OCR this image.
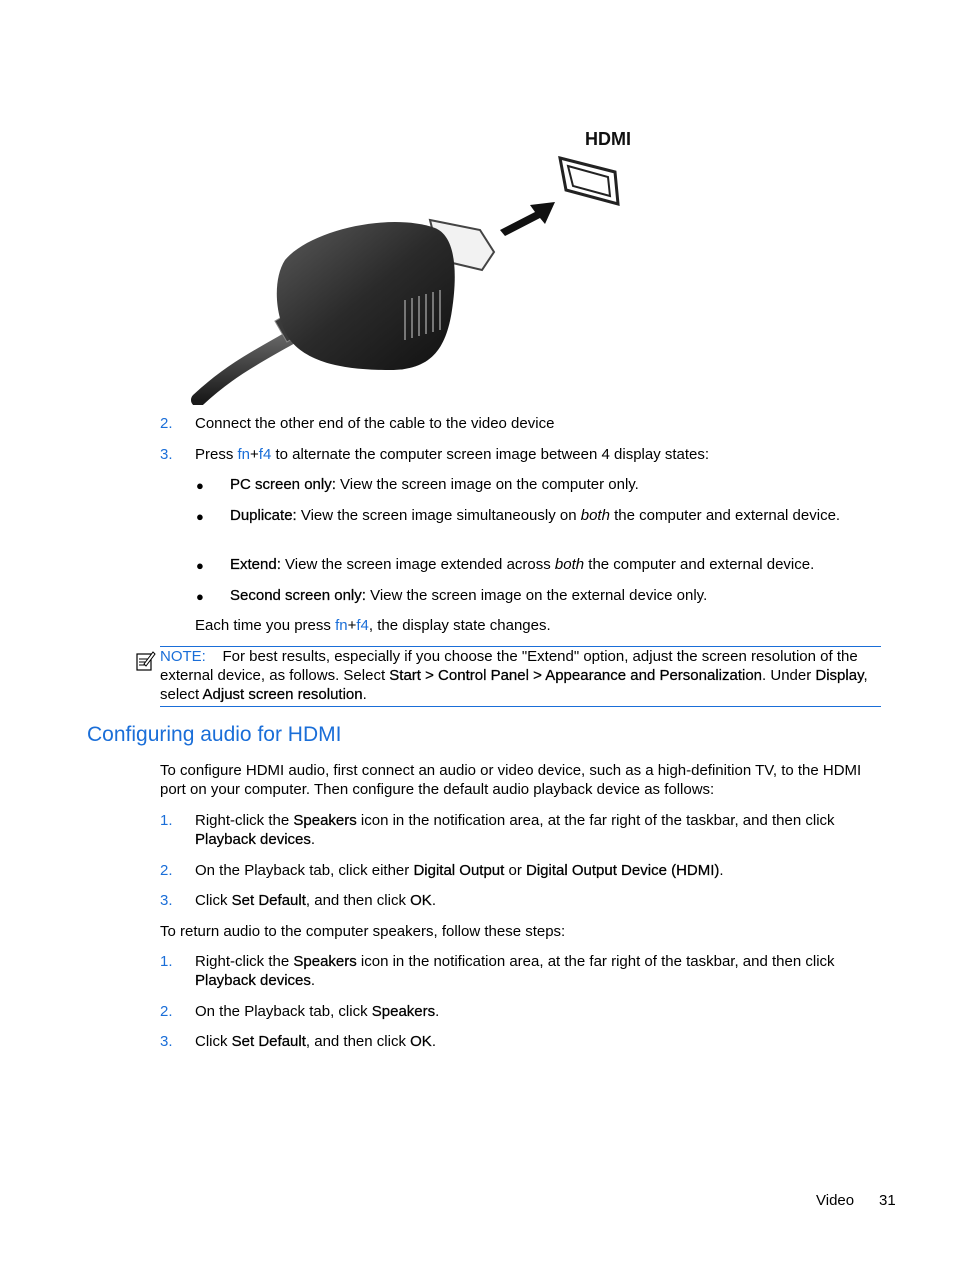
HDMI
2. Connect the other end of the cable to the video device
3. Press fn+f4 to alternate the computer screen image between 4 display states:
● PC screen only: View the screen image on the computer only.
● Duplicate: View the screen image simultaneously on both the computer and external device.
● Extend: View the screen image extended across both the computer and external device.
● Second screen only: View the screen image on the external device only.
Each time you press fn+f4, the display state changes.
NOTE: For best results, especially if you choose the "Extend" option, adjust the screen resolution of the external device, as follows. Select Start > Control Panel > Appearance and Personalization. Under Display, select Adjust screen resolution.
Configuring audio for HDMI
To configure HDMI audio, first connect an audio or video device, such as a high-definition TV, to the HDMI port on your computer. Then configure the default audio playback device as follows:
1. Right-click the Speakers icon in the notification area, at the far right of the taskbar, and then click Playback devices.
2. On the Playback tab, click either Digital Output or Digital Output Device (HDMI).
3. Click Set Default, and then click OK.
To return audio to the computer speakers, follow these steps:
1. Right-click the Speakers icon in the notification area, at the far right of the taskbar, and then click Playback devices.
2. On the Playback tab, click Speakers.
3. Click Set Default, and then click OK.
Video 31
